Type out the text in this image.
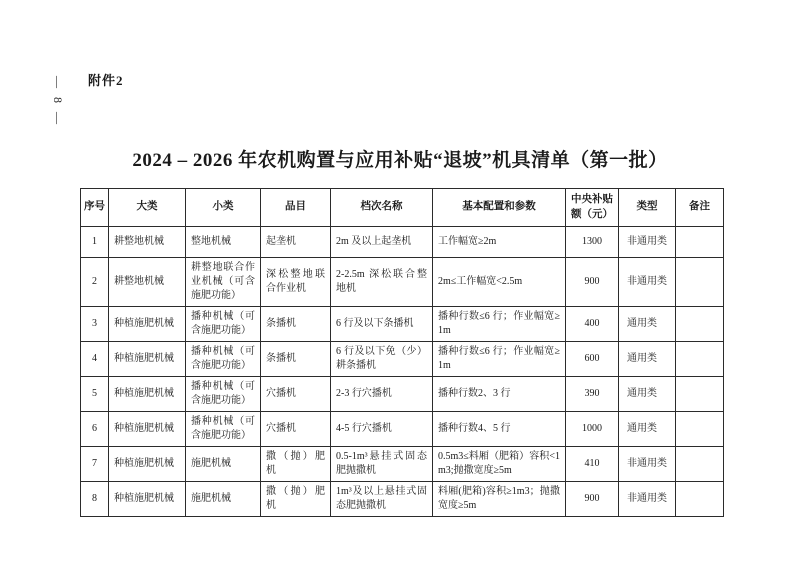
— 8 — 附件2
2024 – 2026 年农机购置与应用补贴“退坡”机具清单（第一批）
序号	大类	小类	品目	档次名称	基本配置和参数	中央补贴额（元）	类型	备注
1	耕整地机械	整地机械	起垄机	2m 及以上起垄机	工作幅宽≥2m	1300	非通用类	
2	耕整地机械	耕整地联合作业机械（可含施肥功能）	深松整地联合作业机	2-2.5m 深松联合整地机	2m≤工作幅宽<2.5m	900	非通用类	
3	种植施肥机械	播种机械（可含施肥功能）	条播机	6 行及以下条播机	播种行数≤6 行；作业幅宽≥1m	400	通用类	
4	种植施肥机械	播种机械（可含施肥功能）	条播机	6 行及以下免（少）耕条播机	播种行数≤6 行；作业幅宽≥1m	600	通用类	
5	种植施肥机械	播种机械（可含施肥功能）	穴播机	2-3 行穴播机	播种行数2、3 行	390	通用类	
6	种植施肥机械	播种机械（可含施肥功能）	穴播机	4-5 行穴播机	播种行数4、5 行	1000	通用类	
7	种植施肥机械	施肥机械	撒（抛）肥机	0.5-1m³悬挂式固态肥抛撒机	0.5m3≤料厢（肥箱）容积<1m3;抛撒宽度≥5m	410	非通用类	
8	种植施肥机械	施肥机械	撒（抛）肥机	1m³及以上悬挂式固态肥抛撒机	料厢(肥箱)容积≥1m3；抛撒宽度≥5m	900	非通用类	
